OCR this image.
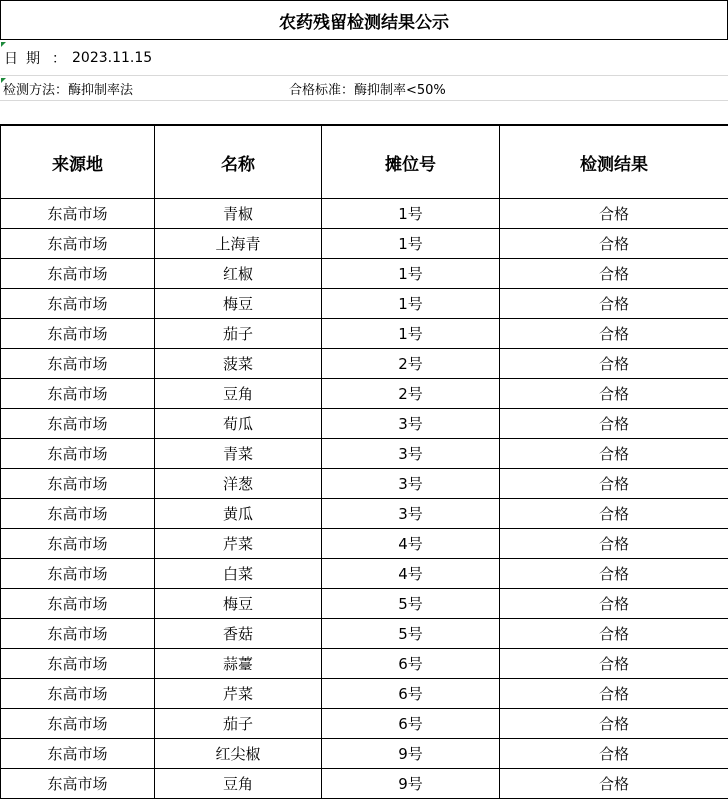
农药残留检测结果公示
日期 ： 2023.11.15
检测方法：酶抑制率法	合格标准：酶抑制率<50%
来源地	名称	摊位号	检测结果
东高市场	青椒	1号	合格
东高市场	上海青	1号	合格
东高市场	红椒	1号	合格
东高市场	梅豆	1号	合格
东高市场	茄子	1号	合格
东高市场	菠菜	2号	合格
东高市场	豆角	2号	合格
东高市场	荀瓜	3号	合格
东高市场	青菜	3号	合格
东高市场	洋葱	3号	合格
东高市场	黄瓜	3号	合格
东高市场	芹菜	4号	合格
东高市场	白菜	4号	合格
东高市场	梅豆	5号	合格
东高市场	香菇	5号	合格
东高市场	蒜薹	6号	合格
东高市场	芹菜	6号	合格
东高市场	茄子	6号	合格
东高市场	红尖椒	9号	合格
东高市场	豆角	9号	合格
